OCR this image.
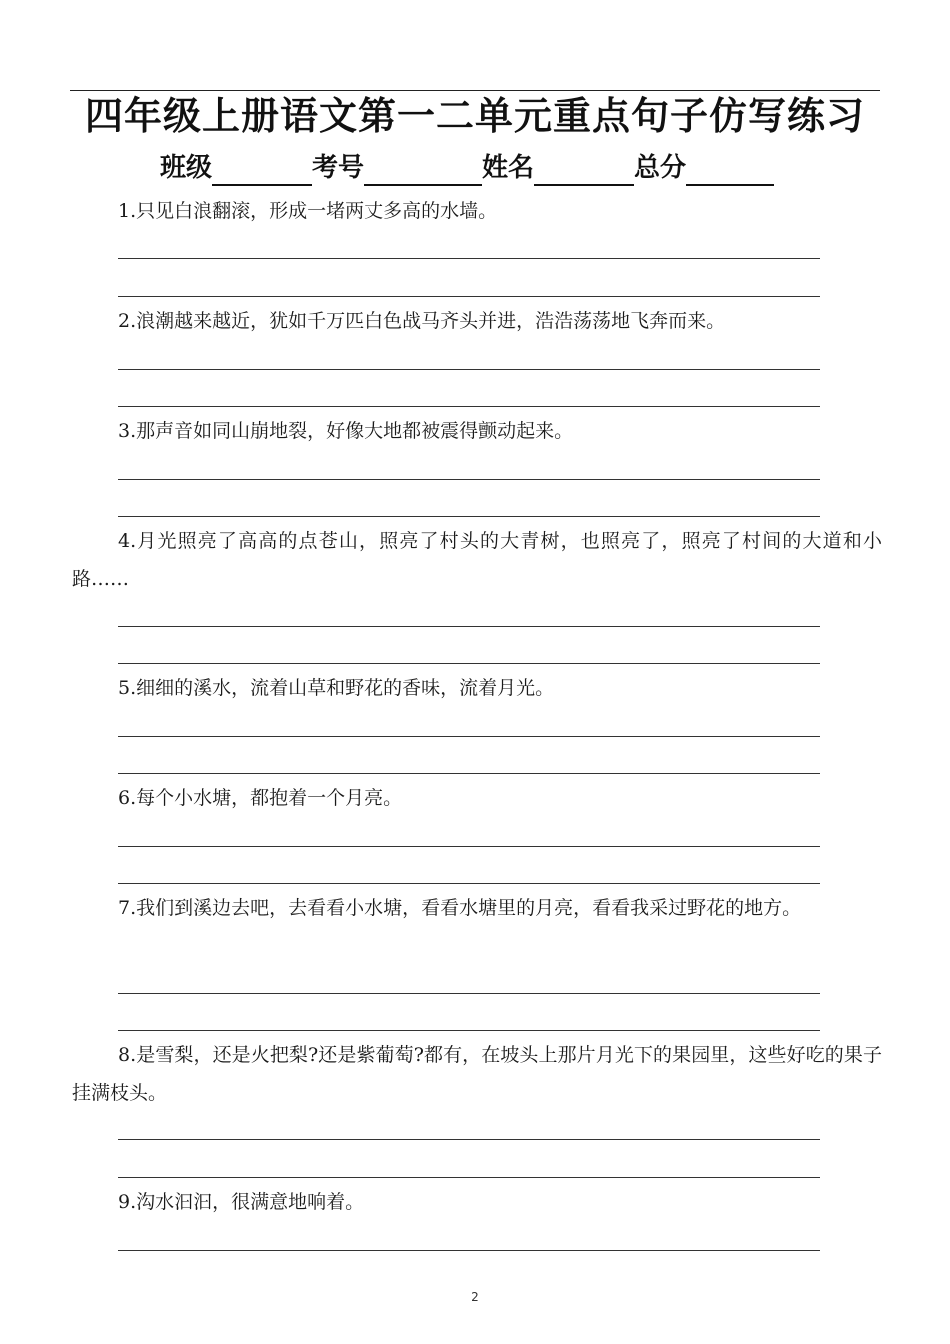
四年级上册语文第一二单元重点句子仿写练习
班级	考号	姓名	总分
1.只见白浪翻滚，形成一堵两丈多高的水墙。
2.浪潮越来越近，犹如千万匹白色战马齐头并进，浩浩荡荡地飞奔而来。
3.那声音如同山崩地裂，好像大地都被震得颤动起来。
4.月光照亮了高高的点苍山，照亮了村头的大青树，也照亮了，照亮了村间的大道和小路……
5.细细的溪水，流着山草和野花的香味，流着月光。
6.每个小水塘，都抱着一个月亮。
7.我们到溪边去吧，去看看小水塘，看看水塘里的月亮，看看我采过野花的地方。
8.是雪梨，还是火把梨?还是紫葡萄?都有，在坡头上那片月光下的果园里，这些好吃的果子挂满枝头。
9.沟水汩汩，很满意地响着。
2
